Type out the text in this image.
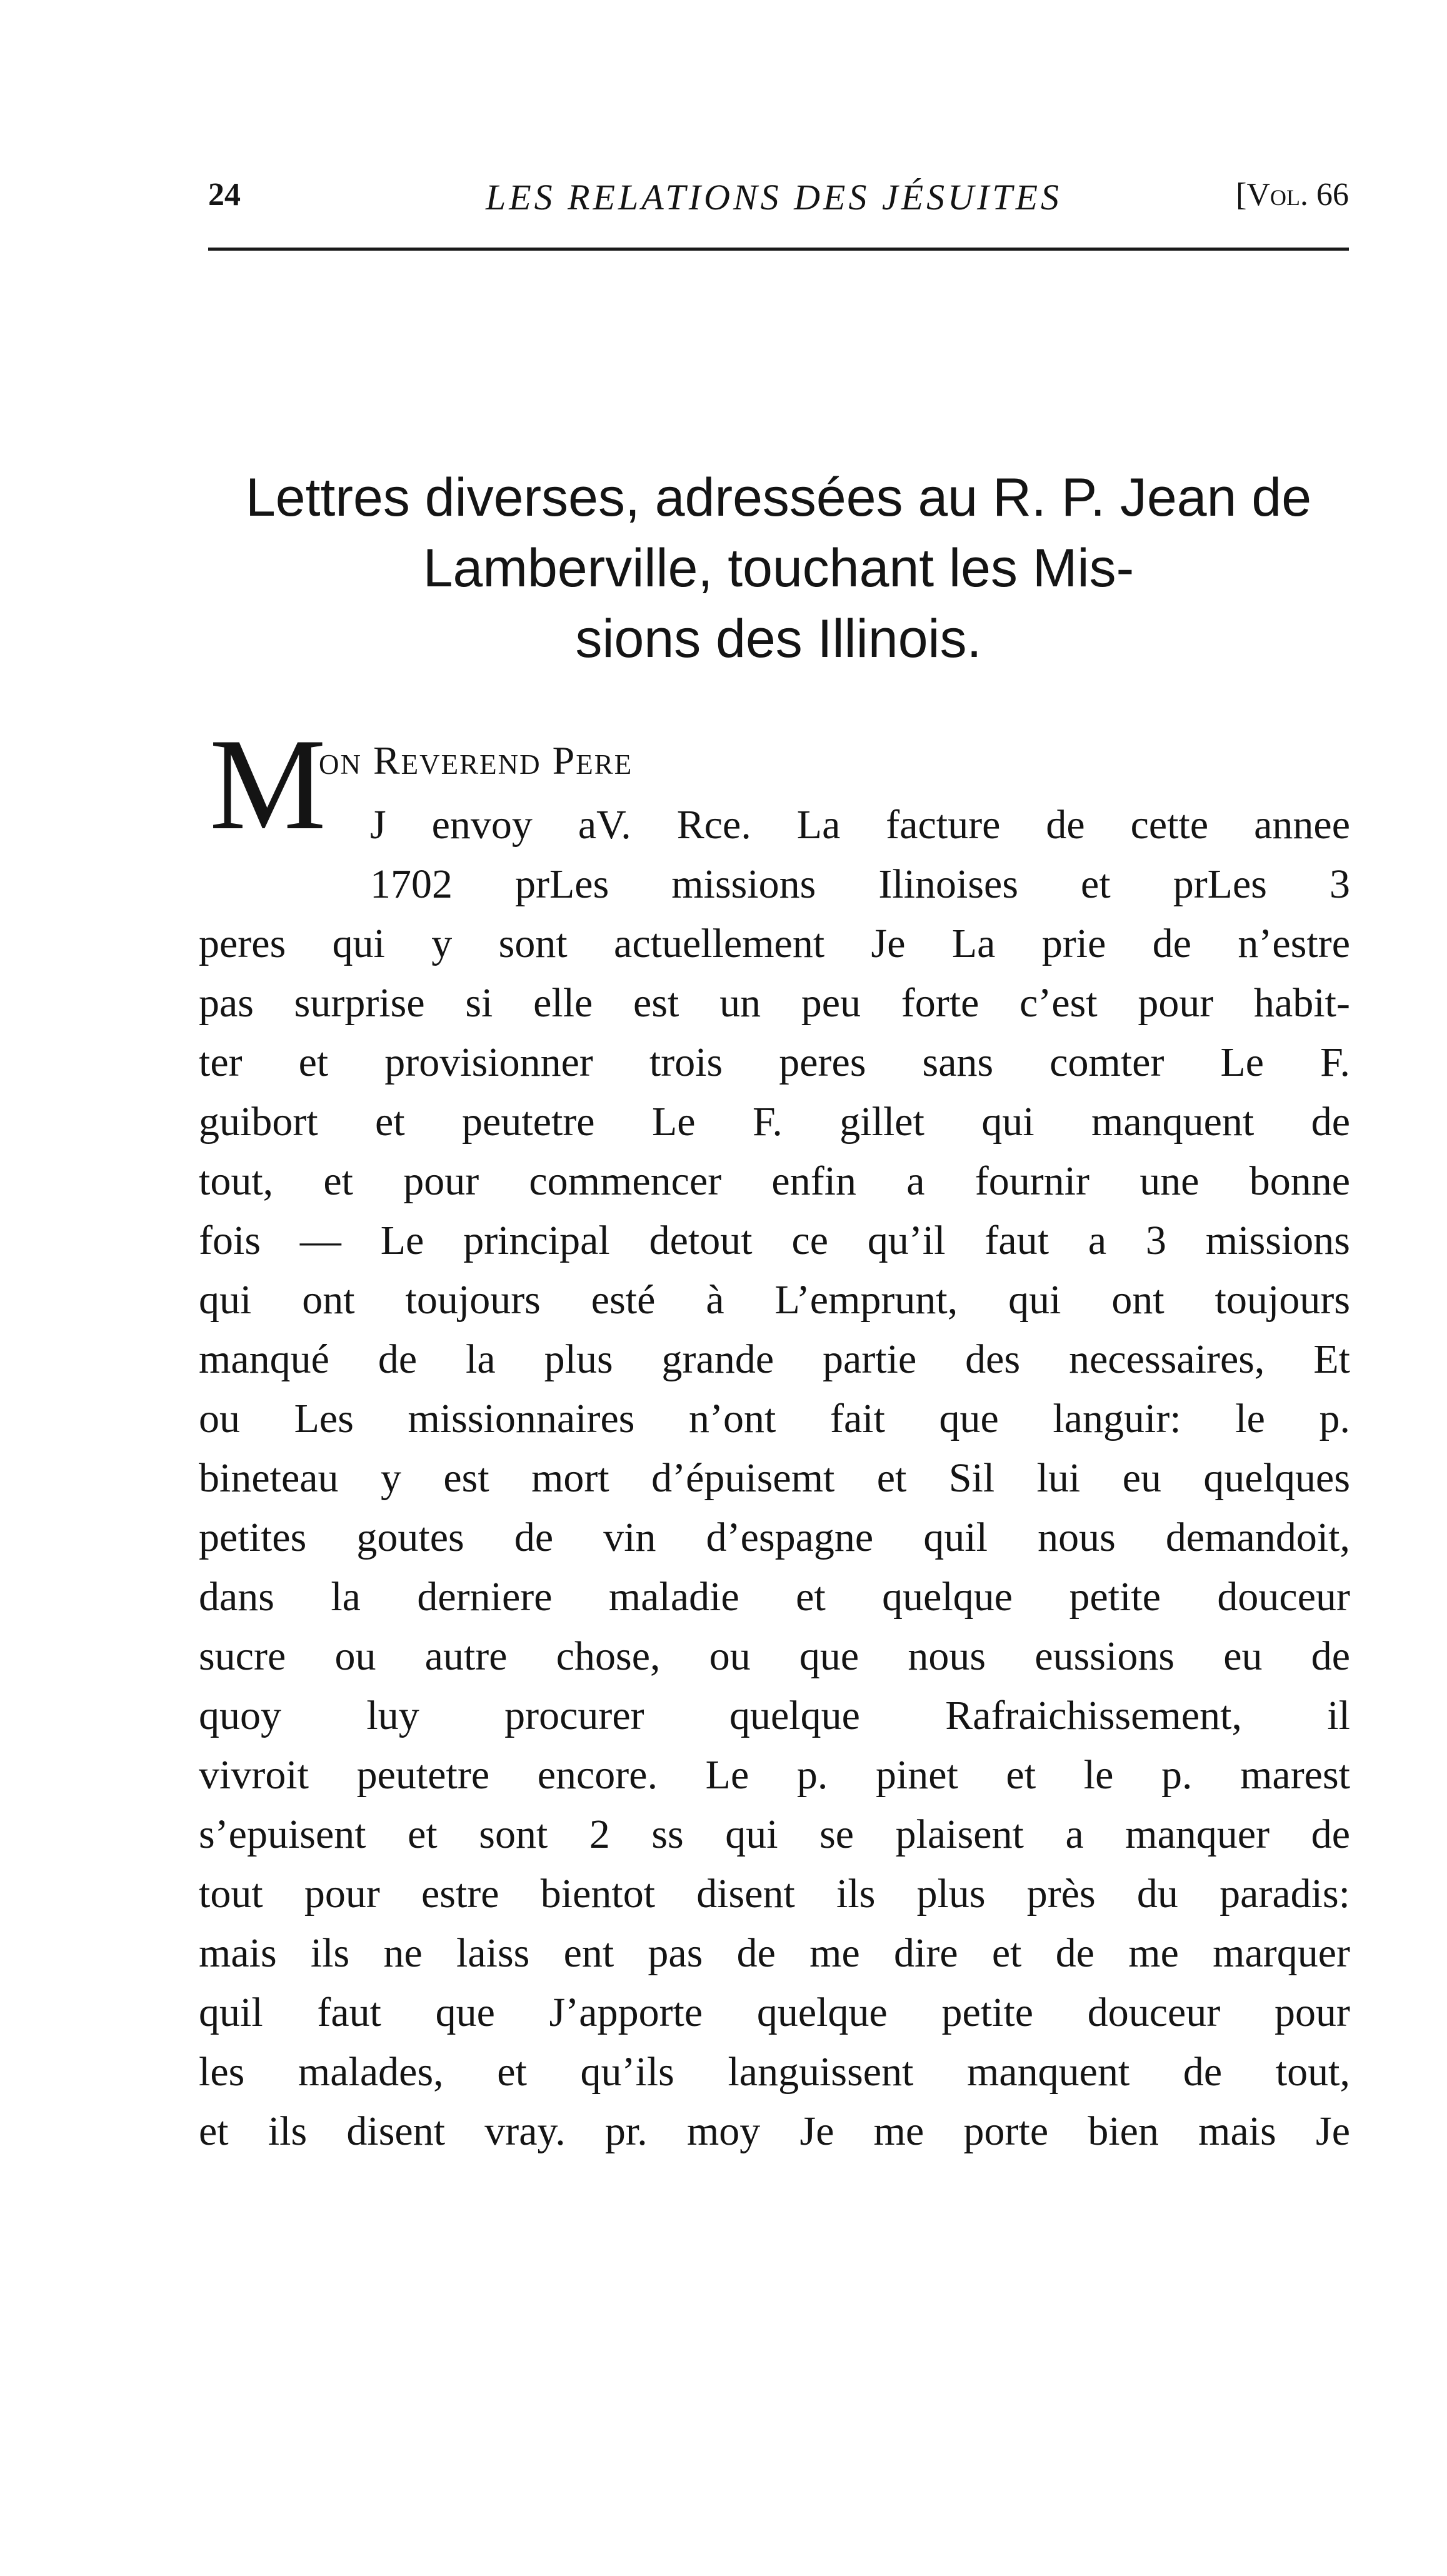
24	LES RELATIONS DES JÉSUITES	[Vol. 66
Lettres diverses, adressées au R. P. Jean de
Lamberville, touchant les Mis-
sions des Illinois.
M
on Reverend Pere
J envoy aV. Rce. La facture de cette annee
1702 prLes missions Ilinoises et prLes 3
peres qui y sont actuellement Je La prie de n’estre
pas surprise si elle est un peu forte c’est pour habit-
ter et provisionner trois peres sans comter Le F.
guibort et peutetre Le F. gillet qui manquent de
tout, et pour commencer enfin a fournir une bonne
fois — Le principal detout ce qu’il faut a 3 missions
qui ont toujours esté à L’emprunt, qui ont toujours
manqué de la plus grande partie des necessaires, Et
ou Les missionnaires n’ont fait que languir: le p.
bineteau y est mort d’épuisemt et Sil lui eu quelques
petites goutes de vin d’espagne quil nous demandoit,
dans la derniere maladie et quelque petite douceur
sucre ou autre chose, ou que nous eussions eu de
quoy luy procurer quelque Rafraichissement, il
vivroit peutetre encore. Le p. pinet et le p. marest
s’epuisent et sont 2 ss qui se plaisent a manquer de
tout pour estre bientot disent ils plus près du paradis:
mais ils ne laiss ent pas de me dire et de me marquer
quil faut que J’apporte quelque petite douceur pour
les malades, et qu’ils languissent manquent de tout,
et ils disent vray. pr. moy Je me porte bien mais Je
